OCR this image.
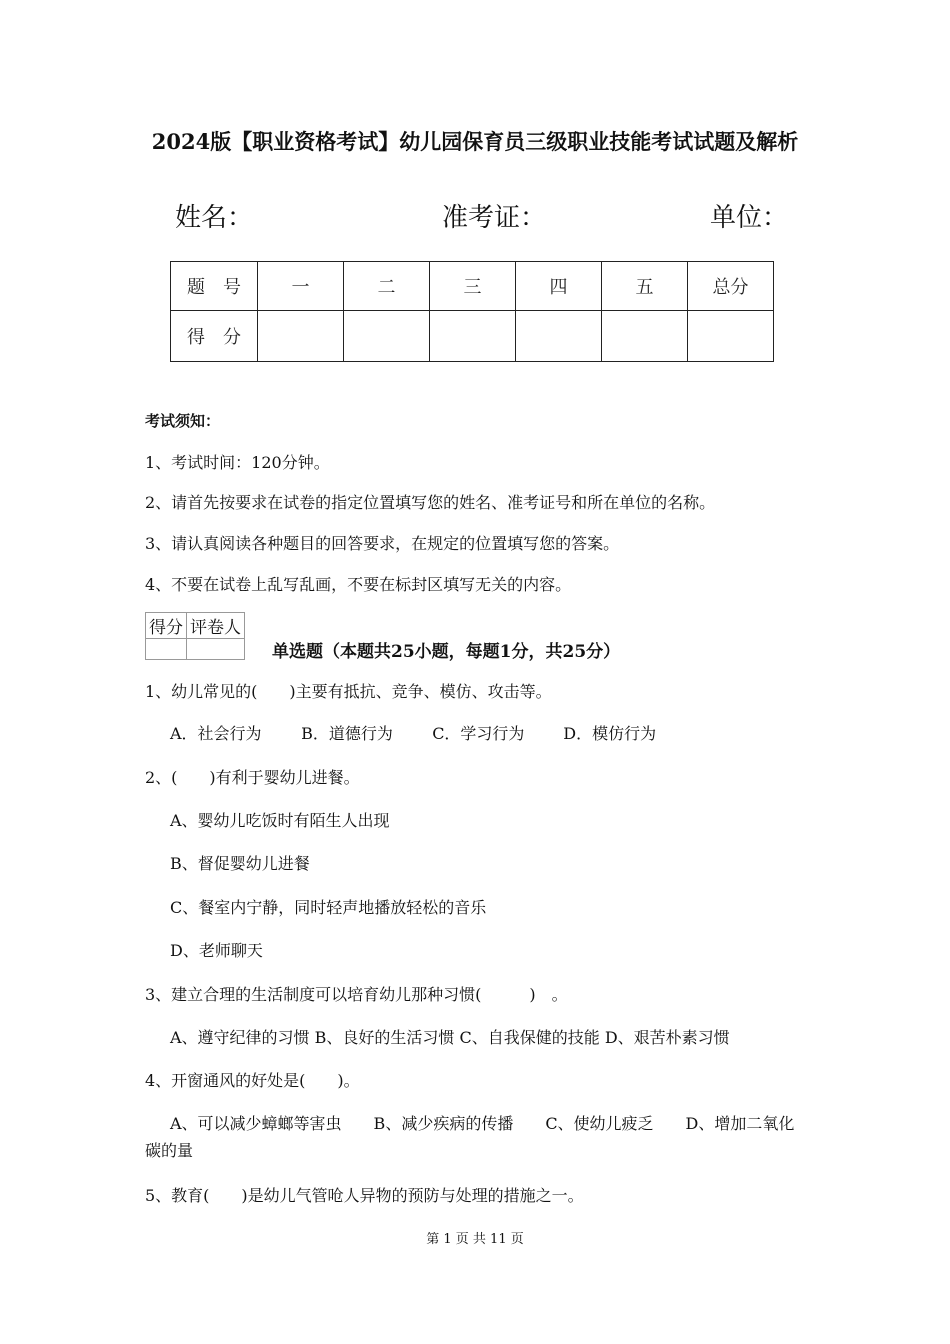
2024版【职业资格考试】幼儿园保育员三级职业技能考试试题及解析
姓名：	准考证：	单位：
题　号	一	二	三	四	五	总分
得　分						
考试须知：
1、考试时间：120分钟。
2、请首先按要求在试卷的指定位置填写您的姓名、准考证号和所在单位的名称。
3、请认真阅读各种题目的回答要求，在规定的位置填写您的答案。
4、不要在试卷上乱写乱画，不要在标封区填写无关的内容。
得分	评卷人

单选题（本题共25小题，每题1分，共25分）
1、幼儿常见的(　　)主要有抵抗、竞争、模仿、攻击等。
A．社会行为 B．道德行为 C．学习行为 D．模仿行为
2、(　　)有利于婴幼儿进餐。
A、婴幼儿吃饭时有陌生人出现
B、督促婴幼儿进餐
C、餐室内宁静，同时轻声地播放轻松的音乐
D、老师聊天
3、建立合理的生活制度可以培育幼儿那种习惯(　　　)　。
A、遵守纪律的习惯 B、良好的生活习惯 C、自我保健的技能 D、艰苦朴素习惯
4、开窗通风的好处是(　　)。
A、可以减少蟑螂等害虫　　B、减少疾病的传播　　C、使幼儿疲乏　　D、增加二氧化碳的量
5、教育(　　)是幼儿气管呛人异物的预防与处理的措施之一。
第 1 页 共 11 页
